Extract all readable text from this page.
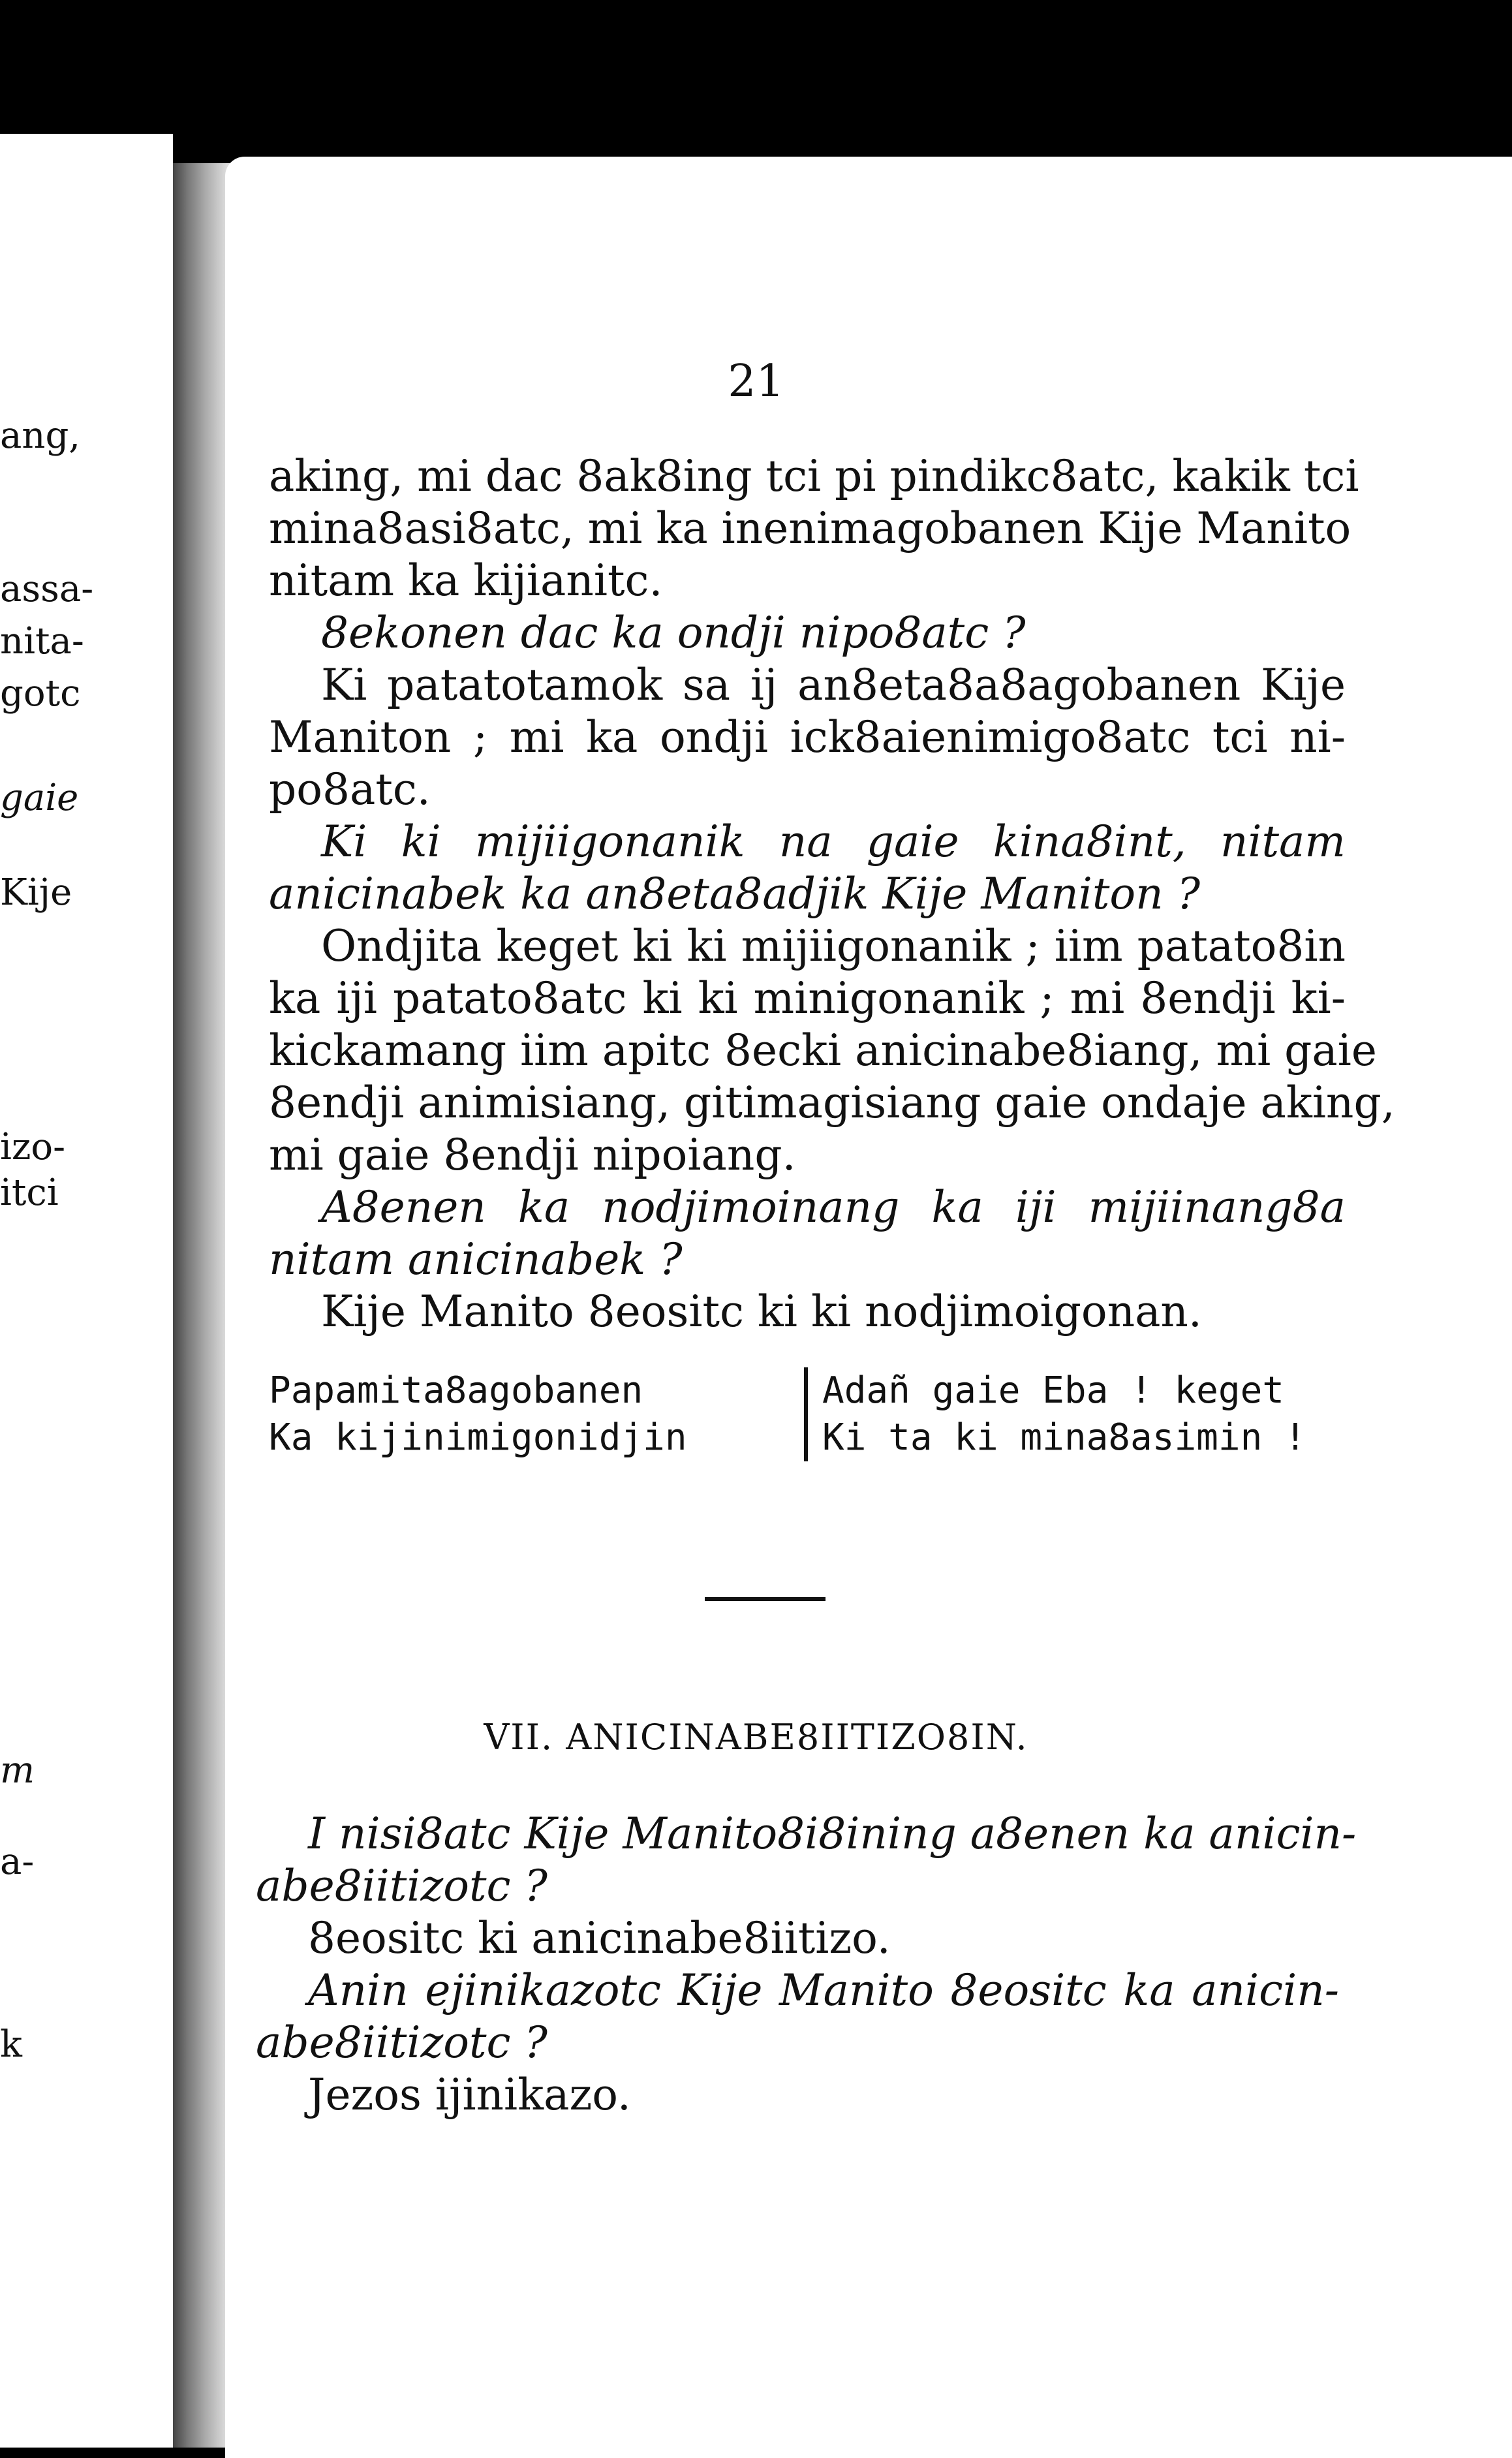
ang,
assa-
nita-
gotc
gaie
Kije
izo-
itci
m
a-
k
21
aking, mi dac 8ak8ing tci pi pindikc8atc, kakik tci
mina8asi8atc, mi ka inenimagobanen Kije Manito
nitam ka kijianitc.
8ekonen dac ka ondji nipo8atc ?
Ki patatotamok sa ij an8eta8a8agobanen Kije
Maniton ; mi ka ondji ick8aienimigo8atc tci ni-
po8atc.
Ki ki mijiigonanik na gaie kina8int, nitam
anicinabek ka an8eta8adjik Kije Maniton ?
Ondjita keget ki ki mijiigonanik ; iim patato8in
ka iji patato8atc ki ki minigonanik ; mi 8endji ki-
kickamang iim apitc 8ecki anicinabe8iang, mi gaie
8endji animisiang, gitimagisiang gaie ondaje aking,
mi gaie 8endji nipoiang.
A8enen ka nodjimoinang ka iji mijiinang8a
nitam anicinabek ?
Kije Manito 8eositc ki ki nodjimoigonan.
Papamita8agobanen
Ka kijinimigonidjin
Adañ gaie Eba ! keget
Ki ta ki mina8asimin !
VII. ANICINABE8IITIZO8IN.
I nisi8atc Kije Manito8i8ining a8enen ka anicin-
abe8iitizotc ?
8eositc ki anicinabe8iitizo.
Anin ejinikazotc Kije Manito 8eositc ka anicin-
abe8iitizotc ?
Jezos ijinikazo.
